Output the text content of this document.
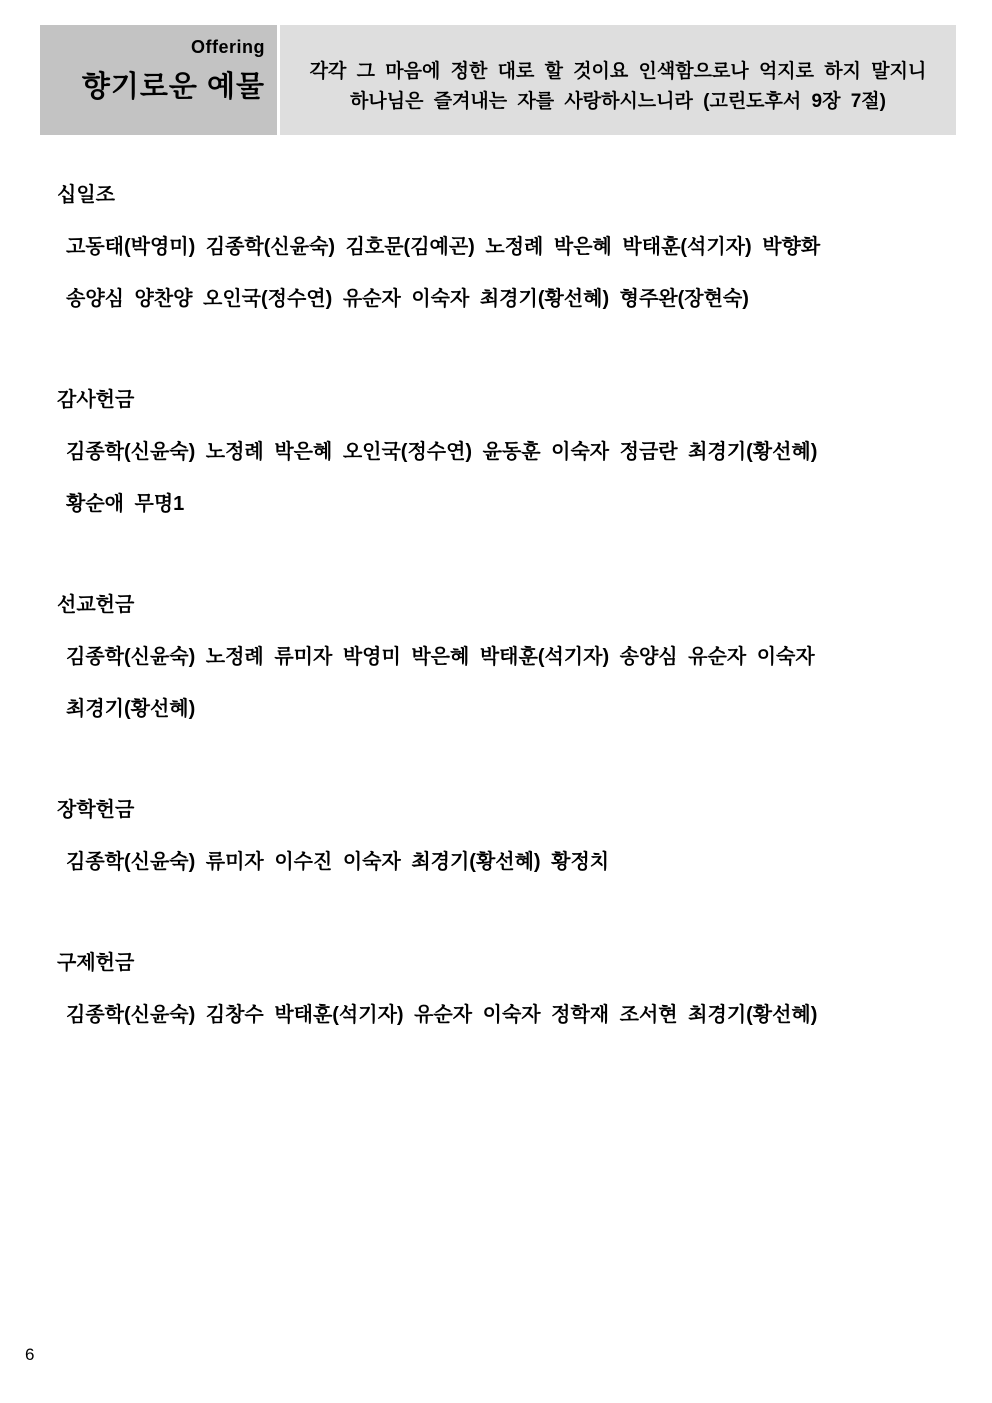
Offering
향기로운 예물 각각 그 마음에 정한 대로 할 것이요 인색함으로나 억지로 하지 말지니
하나님은 즐겨내는 자를 사랑하시느니라 (고린도후서 9장 7절)
십일조
고동태(박영미) 김종학(신윤숙) 김호문(김예곤) 노정례 박은혜 박태훈(석기자) 박향화
송양심 양찬양 오인국(정수연) 유순자 이숙자 최경기(황선혜) 형주완(장현숙)
감사헌금
김종학(신윤숙) 노정례 박은혜 오인국(정수연) 윤동훈 이숙자 정금란 최경기(황선혜)
황순애 무명1
선교헌금
김종학(신윤숙) 노정례 류미자 박영미 박은혜 박태훈(석기자) 송양심 유순자 이숙자
최경기(황선혜)
장학헌금
김종학(신윤숙) 류미자 이수진 이숙자 최경기(황선혜) 황정치
구제헌금
김종학(신윤숙) 김창수 박태훈(석기자) 유순자 이숙자 정학재 조서현 최경기(황선혜)
6
